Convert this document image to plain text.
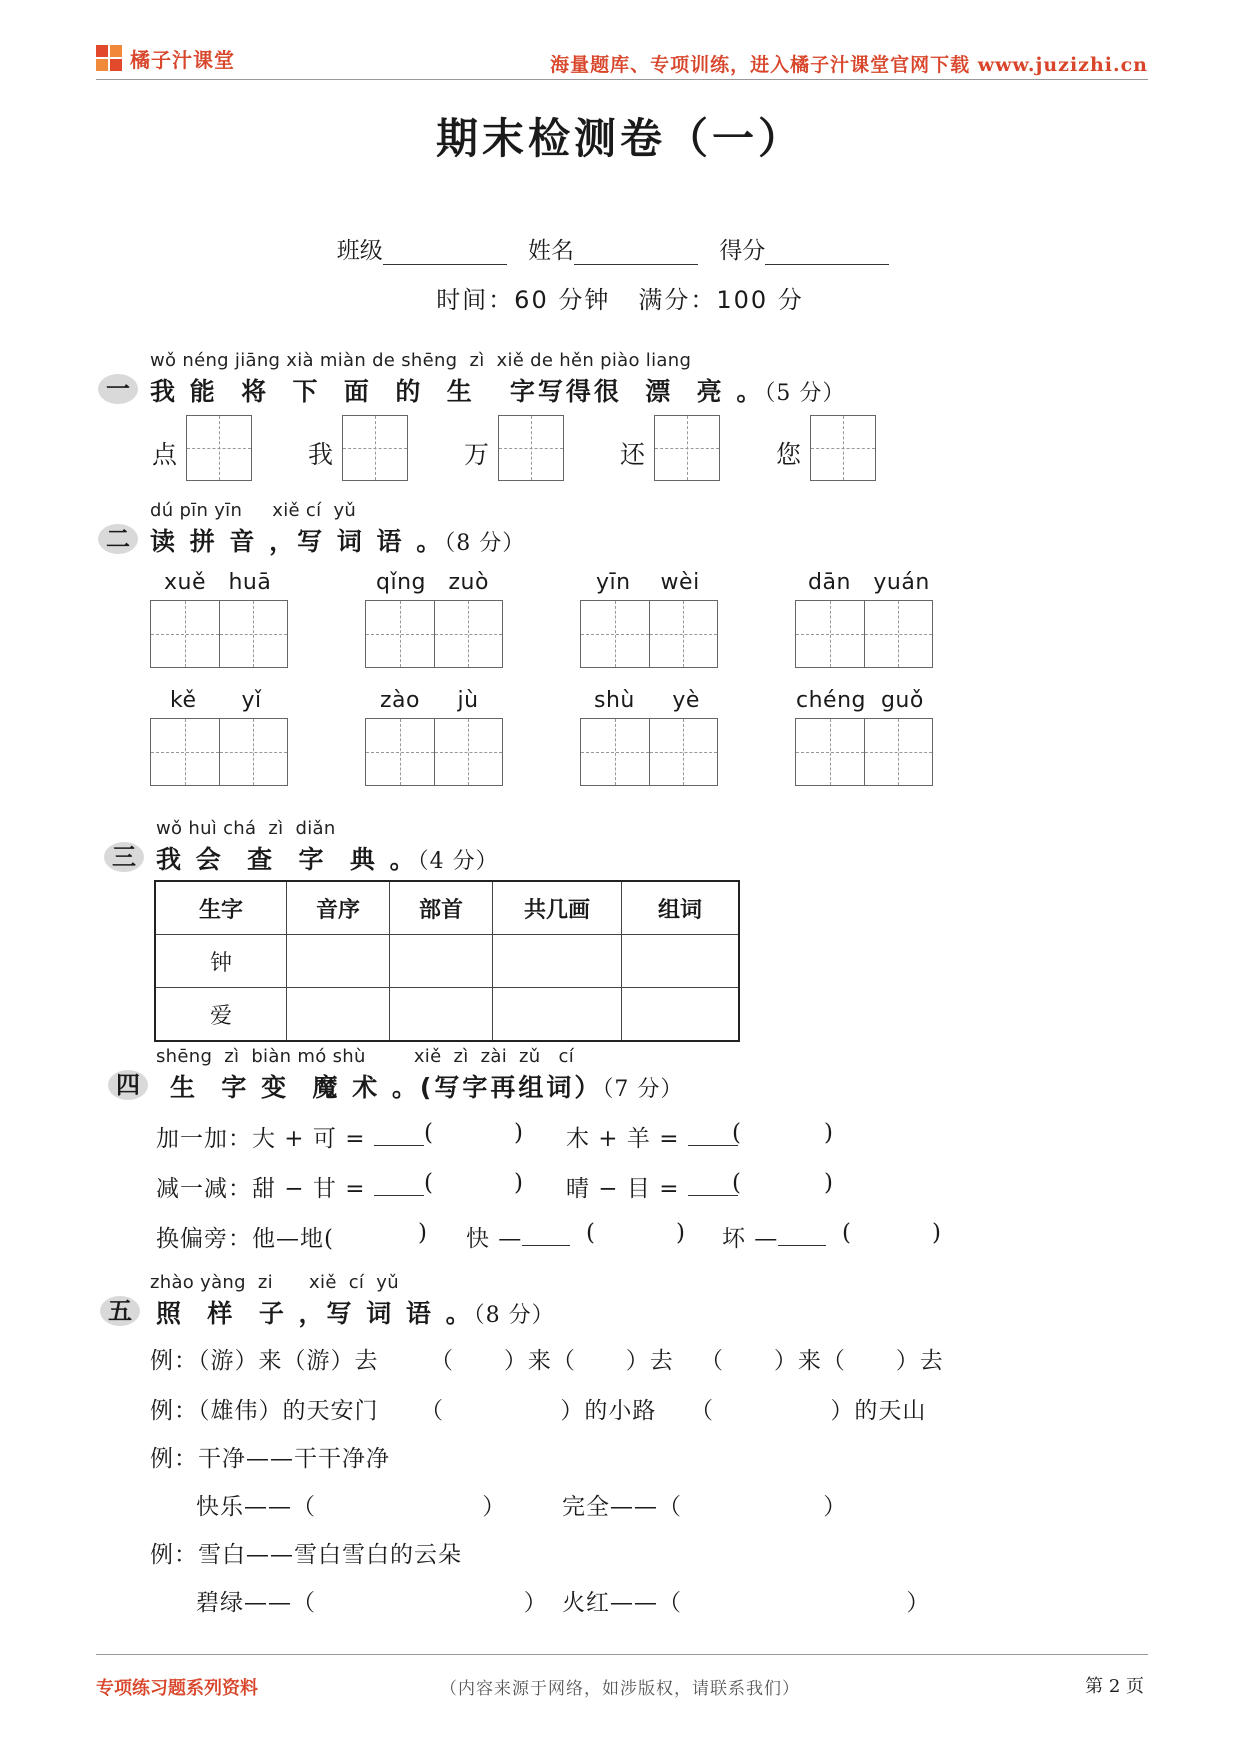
橘子汁课堂	海量题库、专项训练，进入橘子汁课堂官网下载 www.juzizhi.cn
期末检测卷（一）
班级	姓名	得分
时间：60 分钟 满分：100 分
wǒ néng jiāng xià miàn de shēng  zì  xiě de hěn piào liang
一 我 能  将  下  面  的  生   字写得很  漂  亮 。（5 分）
点	我	万	还	您
dú pīn yīn     xiě cí  yǔ
二 读 拼 音 ，写 词 语 。（8 分）
xuě   huā	qǐng   zuò	yīn    wèi	dān   yuán
kě      yǐ	zào     jù	shù     yè	chéng  guǒ
wǒ huì chá  zì  diǎn
三 我 会  查  字  典 。（4 分）
生字	音序	部首	共几画	组词
钟				
爱				
shēng  zì  biàn mó shù        xiě  zì  zài  zǔ   cí
四	生  字 变  魔 术 。(写字再组词）（7 分）
加一加：大 + 可 =	(	) 木 + 羊 =	(	)
减一减：甜 − 甘 =	(	) 晴 − 目 =	(	)
换偏旁：他—地(	) 快 —	(	) 坏 —	(	)
zhào yàng  zi      xiě  cí  yǔ
五 照  样  子 ，写 词 语 。（8 分）
例：（游）来（游）去 （      ）来（      ）去 （      ）来（      ）去
例：（雄伟）的天安门 （              ）的小路 （              ）的天山
例：干净——干干净净
快乐——（                    ） 完全——（                 ）
例：雪白——雪白雪白的云朵
碧绿——（                         ） 火红——（                           ）
专项练习题系列资料	（内容来源于网络，如涉版权，请联系我们）	第 2 页
